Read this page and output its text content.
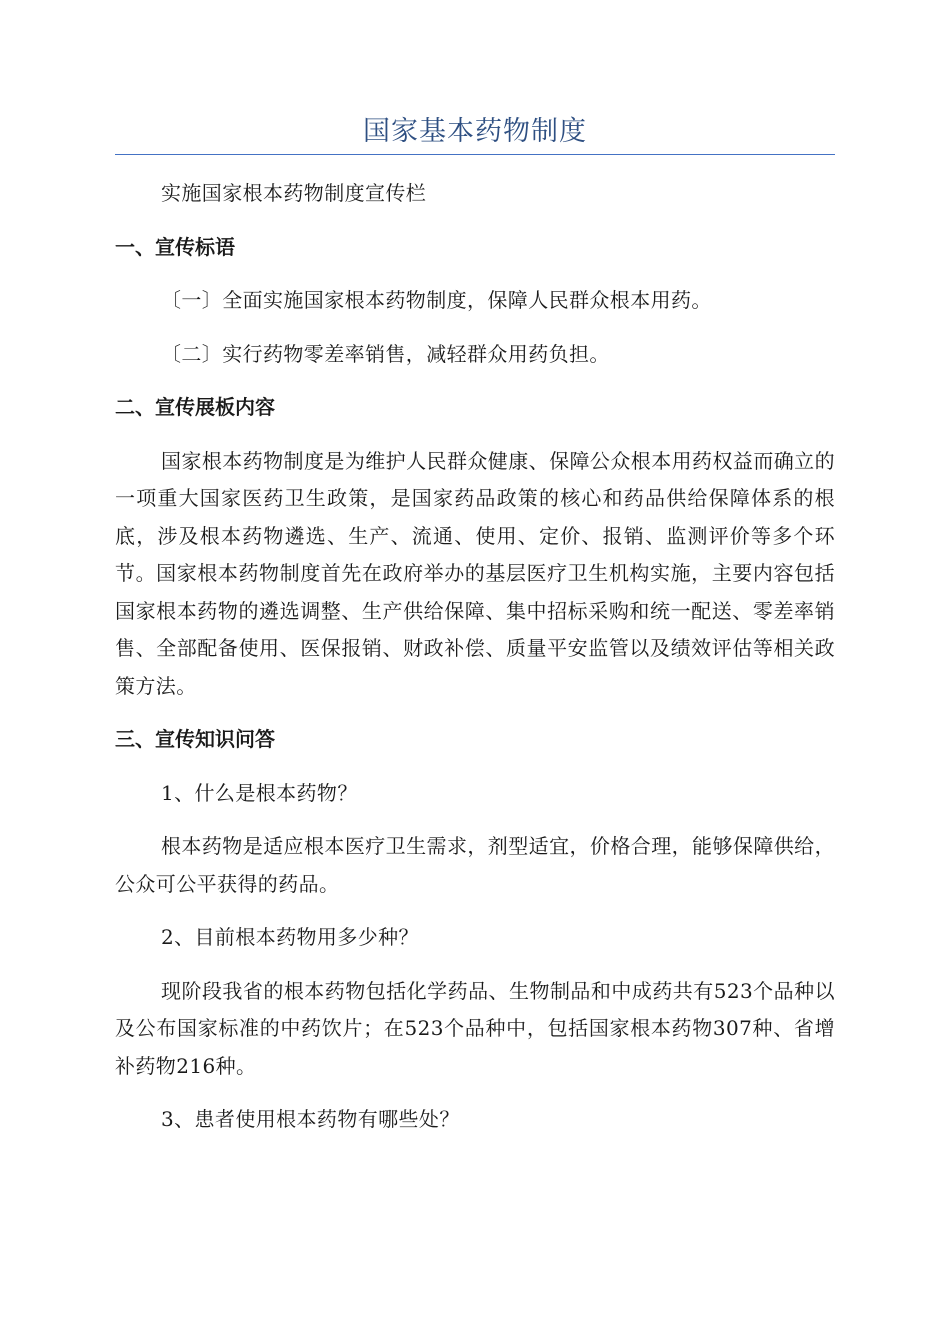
国家基本药物制度

实施国家根本药物制度宣传栏

一、宣传标语

〔一〕全面实施国家根本药物制度，保障人民群众根本用药。

〔二〕实行药物零差率销售，减轻群众用药负担。

二、宣传展板内容

国家根本药物制度是为维护人民群众健康、保障公众根本用药权益而确立的一项重大国家医药卫生政策，是国家药品政策的核心和药品供给保障体系的根底，涉及根本药物遴选、生产、流通、使用、定价、报销、监测评价等多个环节。国家根本药物制度首先在政府举办的基层医疗卫生机构实施，主要内容包括国家根本药物的遴选调整、生产供给保障、集中招标采购和统一配送、零差率销售、全部配备使用、医保报销、财政补偿、质量平安监管以及绩效评估等相关政策方法。

三、宣传知识问答

1、什么是根本药物？

根本药物是适应根本医疗卫生需求，剂型适宜，价格合理，能够保障供给，公众可公平获得的药品。

2、目前根本药物用多少种？

现阶段我省的根本药物包括化学药品、生物制品和中成药共有523个品种以及公布国家标准的中药饮片；在523个品种中，包括国家根本药物307种、省增补药物216种。

3、患者使用根本药物有哪些处？
